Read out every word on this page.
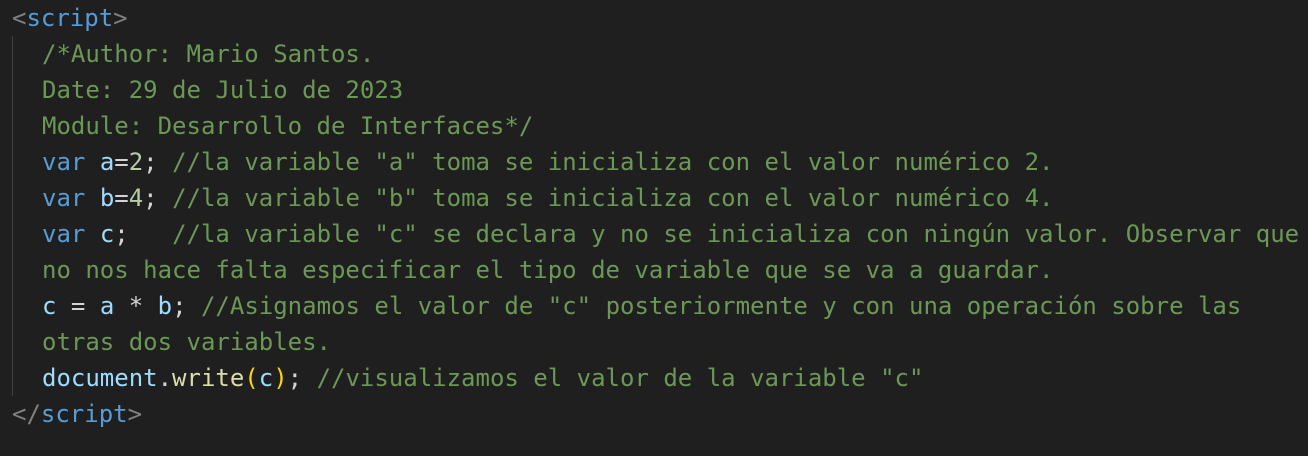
<script>
/*Author: Mario Santos.
Date: 29 de Julio de 2023
Module: Desarrollo de Interfaces*/
var a=2; //la variable "a" toma se inicializa con el valor numérico 2.
var b=4; //la variable "b" toma se inicializa con el valor numérico 4.
var c; //la variable "c" se declara y no se inicializa con ningún valor. Observar que
no nos hace falta especificar el tipo de variable que se va a guardar.
c = a * b; //Asignamos el valor de "c" posteriormente y con una operación sobre las
otras dos variables.
document.write(c); //visualizamos el valor de la variable "c"
</script>
